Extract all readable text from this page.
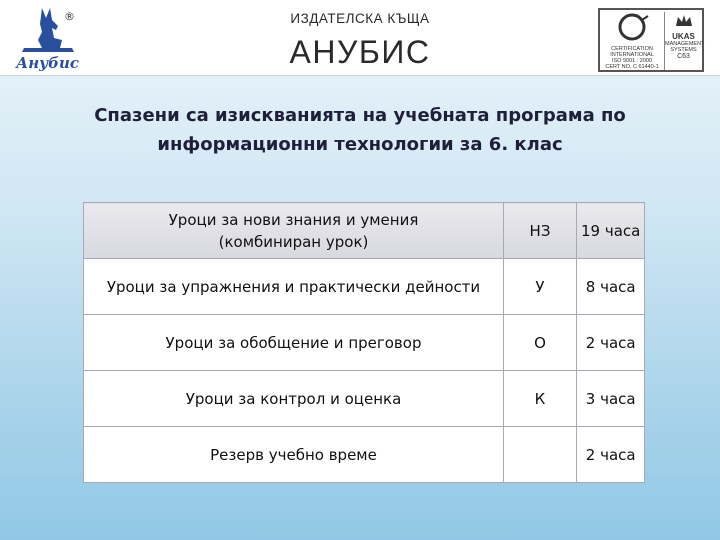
®
Анубис
ИЗДАТЕЛСКА КЪЩА
АНУБИС	CERTIFICATION
INTERNATIONAL
ISO 9001 : 2000
CERT NO. C 61440-1
UKAS
MANAGEMENT SYSTEMS
C63
Спазени са изискванията на учебната програма по
информационни технологии за 6. клас
Уроци за нови знания и умения
(комбиниран урок)	НЗ	19 часа
Уроци за упражнения и практически дейности	У	8 часа
Уроци за обобщение и преговор	О	2 часа
Уроци за контрол и оценка	К	3 часа
Резерв учебно време		2 часа
